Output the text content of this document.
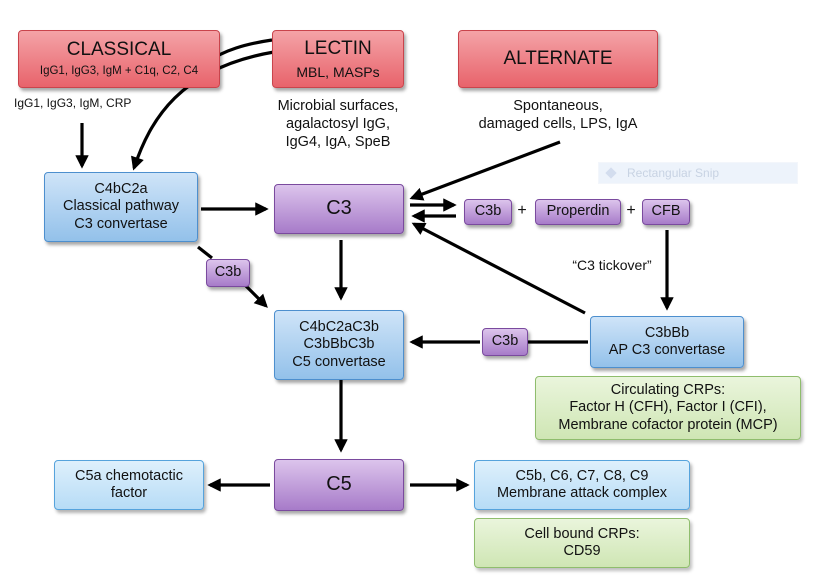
CLASSICAL
IgG1, IgG3, IgM + C1q, C2, C4
LECTIN
MBL, MASPs
ALTERNATE
IgG1, IgG3, IgM, CRP	Microbial surfaces,
agalactosyl IgG,
IgG4, IgA, SpeB
Spontaneous,
damaged cells, LPS, IgA
Rectangular Snip
C4bC2a
Classical pathway
C3 convertase
C3	C3b + Properdin + CFB
“C3 tickover”
C3b
C4bC2aC3b
C3bBbC3b
C5 convertase
C3b
C3bBb
AP C3 convertase
Circulating CRPs:
Factor H (CFH), Factor I (CFI),
Membrane cofactor protein (MCP)
C5
C5a chemotactic
factor
C5b, C6, C7, C8, C9
Membrane attack complex
Cell bound CRPs:
CD59
